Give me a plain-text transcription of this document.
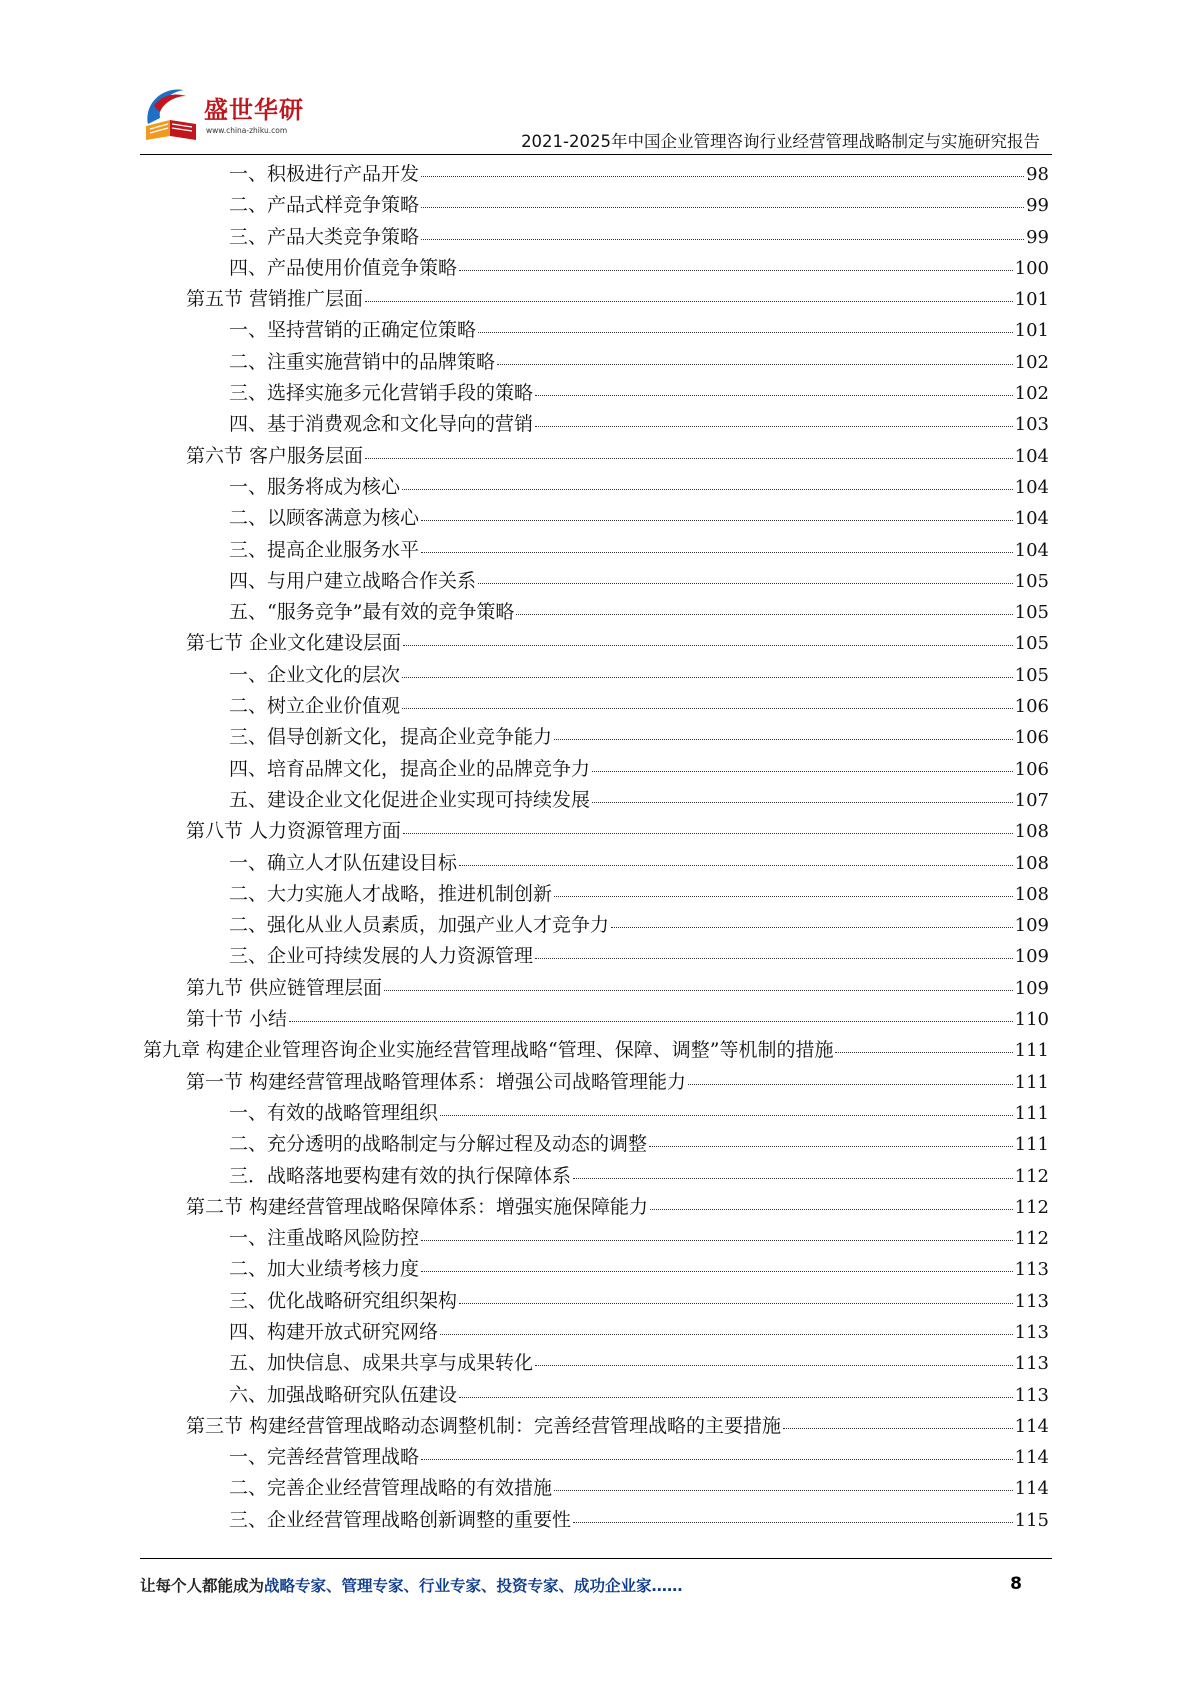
盛世华研
www.china-zhiku.com
2021-2025年中国企业管理咨询行业经营管理战略制定与实施研究报告
一、积极进行产品开发	98
二、产品式样竞争策略	99
三、产品大类竞争策略	99
四、产品使用价值竞争策略	100
第五节 营销推广层面	101
一、坚持营销的正确定位策略	101
二、注重实施营销中的品牌策略	102
三、选择实施多元化营销手段的策略	102
四、基于消费观念和文化导向的营销	103
第六节 客户服务层面	104
一、服务将成为核心	104
二、以顾客满意为核心	104
三、提高企业服务水平	104
四、与用户建立战略合作关系	105
五、“服务竞争”最有效的竞争策略	105
第七节 企业文化建设层面	105
一、企业文化的层次	105
二、树立企业价值观	106
三、倡导创新文化，提高企业竞争能力	106
四、培育品牌文化，提高企业的品牌竞争力	106
五、建设企业文化促进企业实现可持续发展	107
第八节 人力资源管理方面	108
一、确立人才队伍建设目标	108
二、大力实施人才战略，推进机制创新	108
二、强化从业人员素质，加强产业人才竞争力	109
三、企业可持续发展的人力资源管理	109
第九节 供应链管理层面	109
第十节 小结	110
第九章 构建企业管理咨询企业实施经营管理战略“管理、保障、调整”等机制的措施	111
第一节 构建经营管理战略管理体系：增强公司战略管理能力	111
一、有效的战略管理组织	111
二、充分透明的战略制定与分解过程及动态的调整	111
三．战略落地要构建有效的执行保障体系	112
第二节 构建经营管理战略保障体系：增强实施保障能力	112
一、注重战略风险防控	112
二、加大业绩考核力度	113
三、优化战略研究组织架构	113
四、构建开放式研究网络	113
五、加快信息、成果共享与成果转化	113
六、加强战略研究队伍建设	113
第三节 构建经营管理战略动态调整机制：完善经营管理战略的主要措施	114
一、完善经营管理战略	114
二、完善企业经营管理战略的有效措施	114
三、企业经营管理战略创新调整的重要性	115
让每个人都能成为战略专家、管理专家、行业专家、投资专家、成功企业家……	8
